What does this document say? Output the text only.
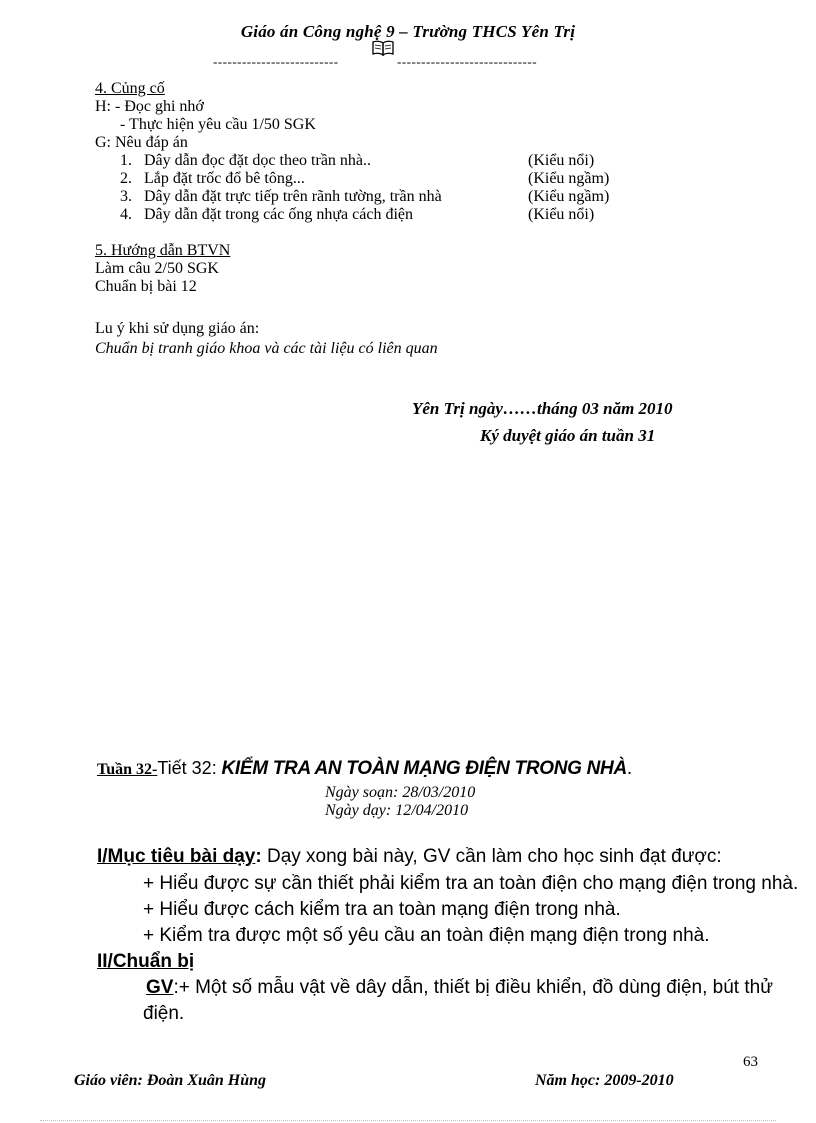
Giáo án Công nghệ 9 – Trường THCS Yên Trị
--------------------------	-----------------------------
4. Củng cố
H: - Đọc ghi nhớ
- Thực hiện yêu cầu 1/50 SGK
G: Nêu đáp án
1. Dây dẫn đọc đặt dọc theo trần nhà..	(Kiểu nổi)
2. Lắp đặt trốc đổ bê tông...	(Kiểu ngầm)
3. Dây dẫn đặt trực tiếp trên rãnh tường, trần nhà	(Kiểu ngầm)
4. Dây dẫn đặt trong các ống nhựa cách điện	(Kiểu nổi)
5. Hướng dẫn BTVN
Làm câu 2/50 SGK
Chuẩn bị bài 12
Lu ý khi sử dụng giáo án:
Chuẩn bị tranh giáo khoa và các tài liệu có liên quan
Yên Trị ngày……tháng 03 năm 2010
Ký duyệt giáo án tuần 31
Tuần 32-Tiết 32: KIỂM TRA AN TOÀN MẠNG ĐIỆN TRONG NHÀ.
Ngày soạn: 28/03/2010
Ngày dạy: 12/04/2010
I/Mục tiêu bài dạy: Dạy xong bài này, GV cần làm cho học sinh đạt được:
+ Hiểu được sự cần thiết phải kiểm tra an toàn điện cho mạng điện trong nhà.
+ Hiểu được cách kiểm tra an toàn mạng điện trong nhà.
+ Kiểm tra được một số yêu cầu an toàn điện mạng điện trong nhà.
II/Chuẩn bị
GV:+ Một số mẫu vật về dây dẫn, thiết bị điều khiển, đồ dùng điện, bút thử
điện.
63
Giáo viên: Đoàn Xuân Hùng	Năm học: 2009-2010
